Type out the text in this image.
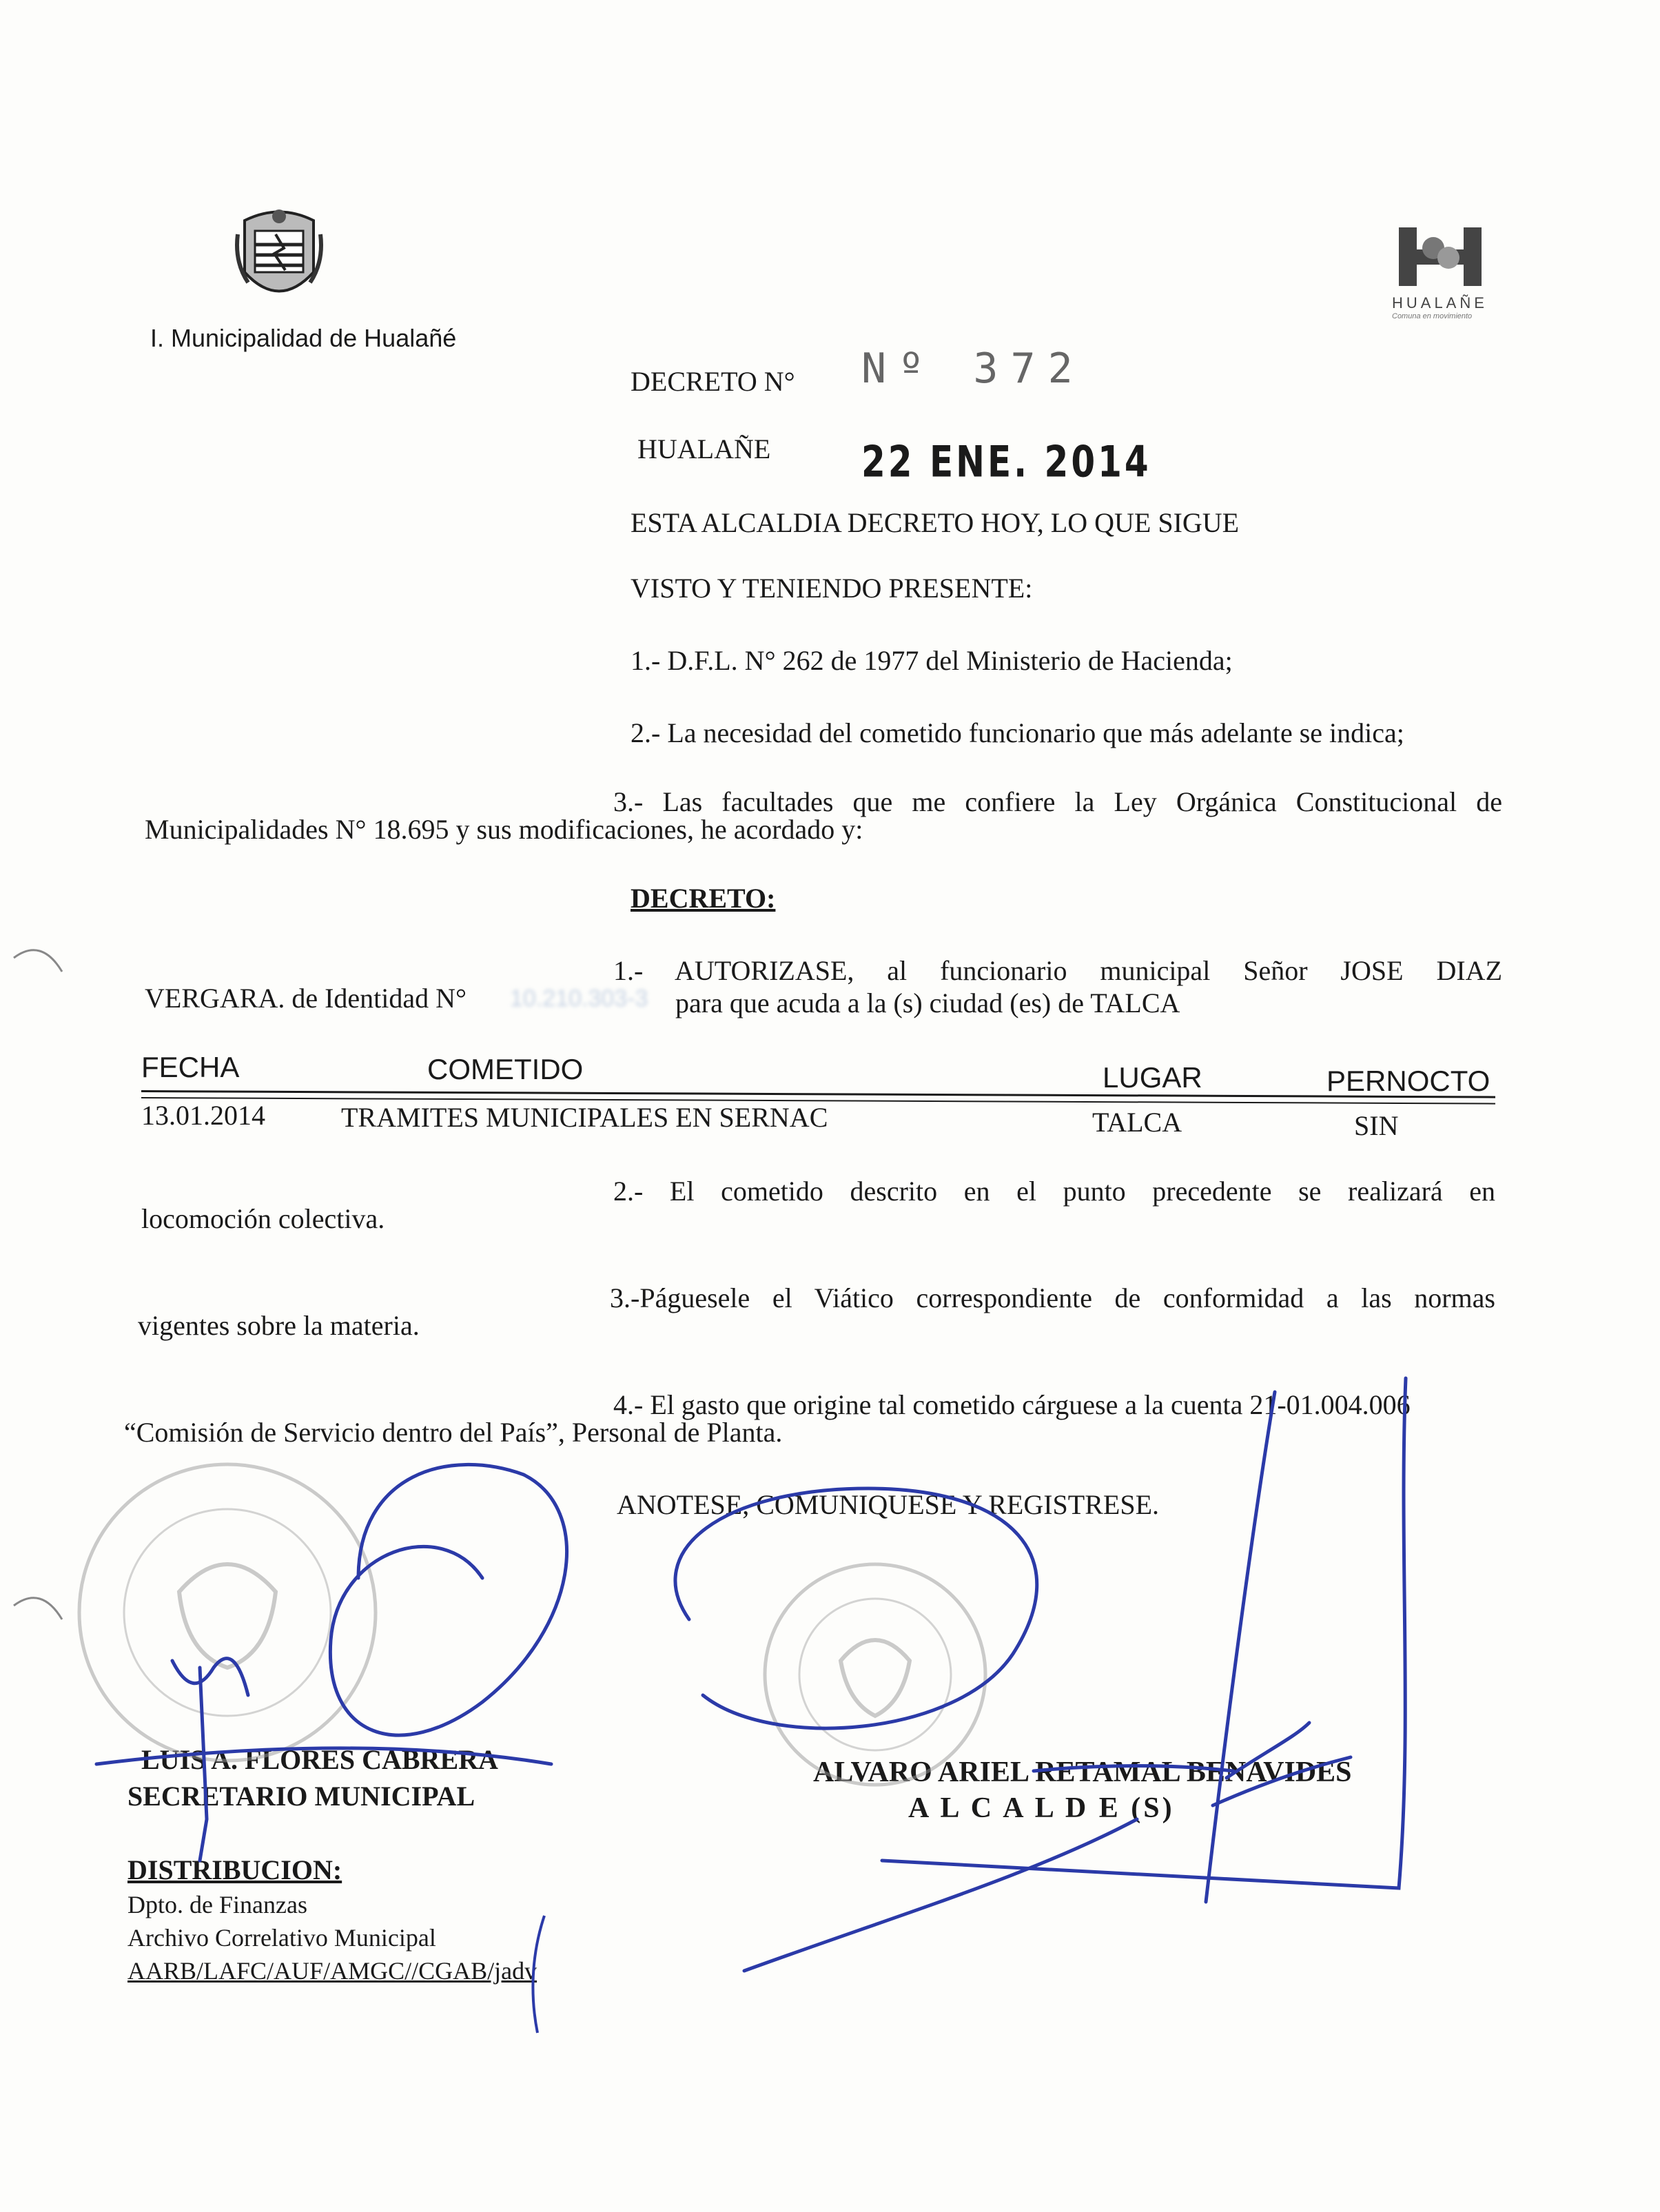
I. Municipalidad de Hualañé
HUALAÑE
Comuna en movimiento
DECRETO N° Nº 372
HUALAÑE	22 ENE. 2014
ESTA ALCALDIA DECRETO HOY, LO QUE SIGUE
VISTO Y TENIENDO PRESENTE:
1.- D.F.L. N° 262 de 1977 del Ministerio de Hacienda;
2.- La necesidad del cometido funcionario que más adelante se indica;
3.- Las facultades que me confiere la Ley Orgánica Constitucional de
Municipalidades N° 18.695 y sus modificaciones, he acordado y:
DECRETO:
1.- AUTORIZASE, al funcionario municipal Señor JOSE DIAZ
VERGARA. de Identidad N° 10.210.303-3 para que acuda a la (s) ciudad (es) de TALCA
FECHA	COMETIDO	LUGAR	PERNOCTO
13.01.2014	TRAMITES MUNICIPALES EN SERNAC	TALCA	SIN
2.- El cometido descrito en el punto precedente se realizará en
locomoción colectiva.
3.-Páguesele el Viático correspondiente de conformidad a las normas
vigentes sobre la materia.
4.- El gasto que origine tal cometido cárguese a la cuenta 21-01.004.006
“Comisión de Servicio dentro del País”, Personal de Planta.
ANOTESE, COMUNIQUESE Y REGISTRESE.
LUIS A. FLORES CABRERA
SECRETARIO MUNICIPAL
ALVARO ARIEL RETAMAL BENAVIDES
A L C A L D E (S)
DISTRIBUCION:
Dpto. de Finanzas
Archivo Correlativo Municipal
AARB/LAFC/AUF/AMGC//CGAB/jadv
